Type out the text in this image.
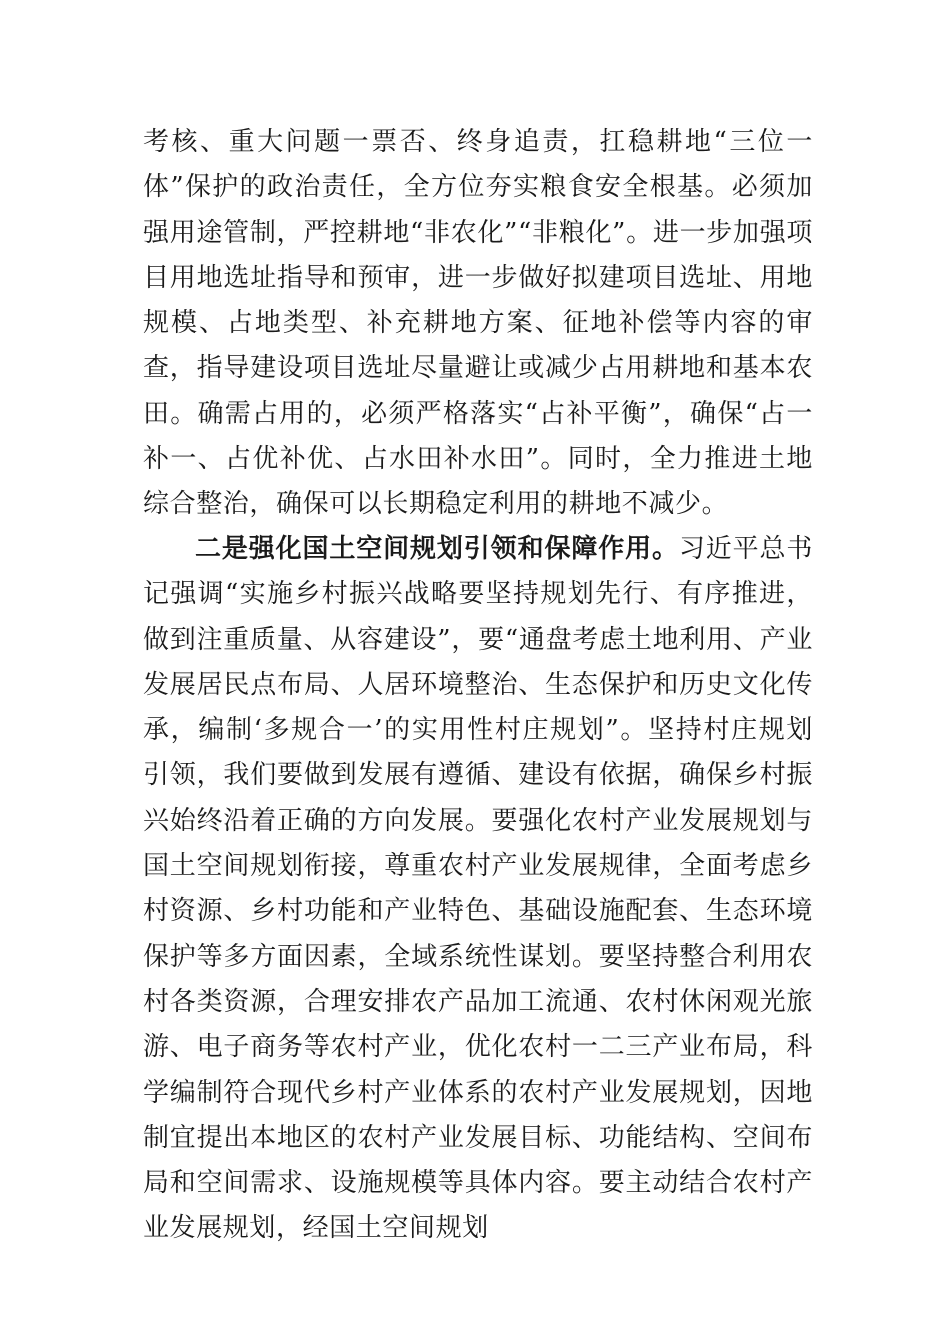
考核、重大问题一票否、终身追责，扛稳耕地“三位一体”保护的政治责任，全方位夯实粮食安全根基。必须加强用途管制，严控耕地“非农化”“非粮化”。进一步加强项目用地选址指导和预审，进一步做好拟建项目选址、用地规模、占地类型、补充耕地方案、征地补偿等内容的审查，指导建设项目选址尽量避让或减少占用耕地和基本农田。确需占用的，必须严格落实“占补平衡”，确保“占一补一、占优补优、占水田补水田”。同时，全力推进土地综合整治，确保可以长期稳定利用的耕地不减少。

二是强化国土空间规划引领和保障作用。习近平总书记强调“实施乡村振兴战略要坚持规划先行、有序推进，做到注重质量、从容建设”，要“通盘考虑土地利用、产业发展居民点布局、人居环境整治、生态保护和历史文化传承，编制‘多规合一’的实用性村庄规划”。坚持村庄规划引领，我们要做到发展有遵循、建设有依据，确保乡村振兴始终沿着正确的方向发展。要强化农村产业发展规划与国土空间规划衔接，尊重农村产业发展规律，全面考虑乡村资源、乡村功能和产业特色、基础设施配套、生态环境保护等多方面因素，全域系统性谋划。要坚持整合利用农村各类资源，合理安排农产品加工流通、农村休闲观光旅游、电子商务等农村产业，优化农村一二三产业布局，科学编制符合现代乡村产业体系的农村产业发展规划，因地制宜提出本地区的农村产业发展目标、功能结构、空间布局和空间需求、设施规模等具体内容。要主动结合农村产业发展规划，经国土空间规划
